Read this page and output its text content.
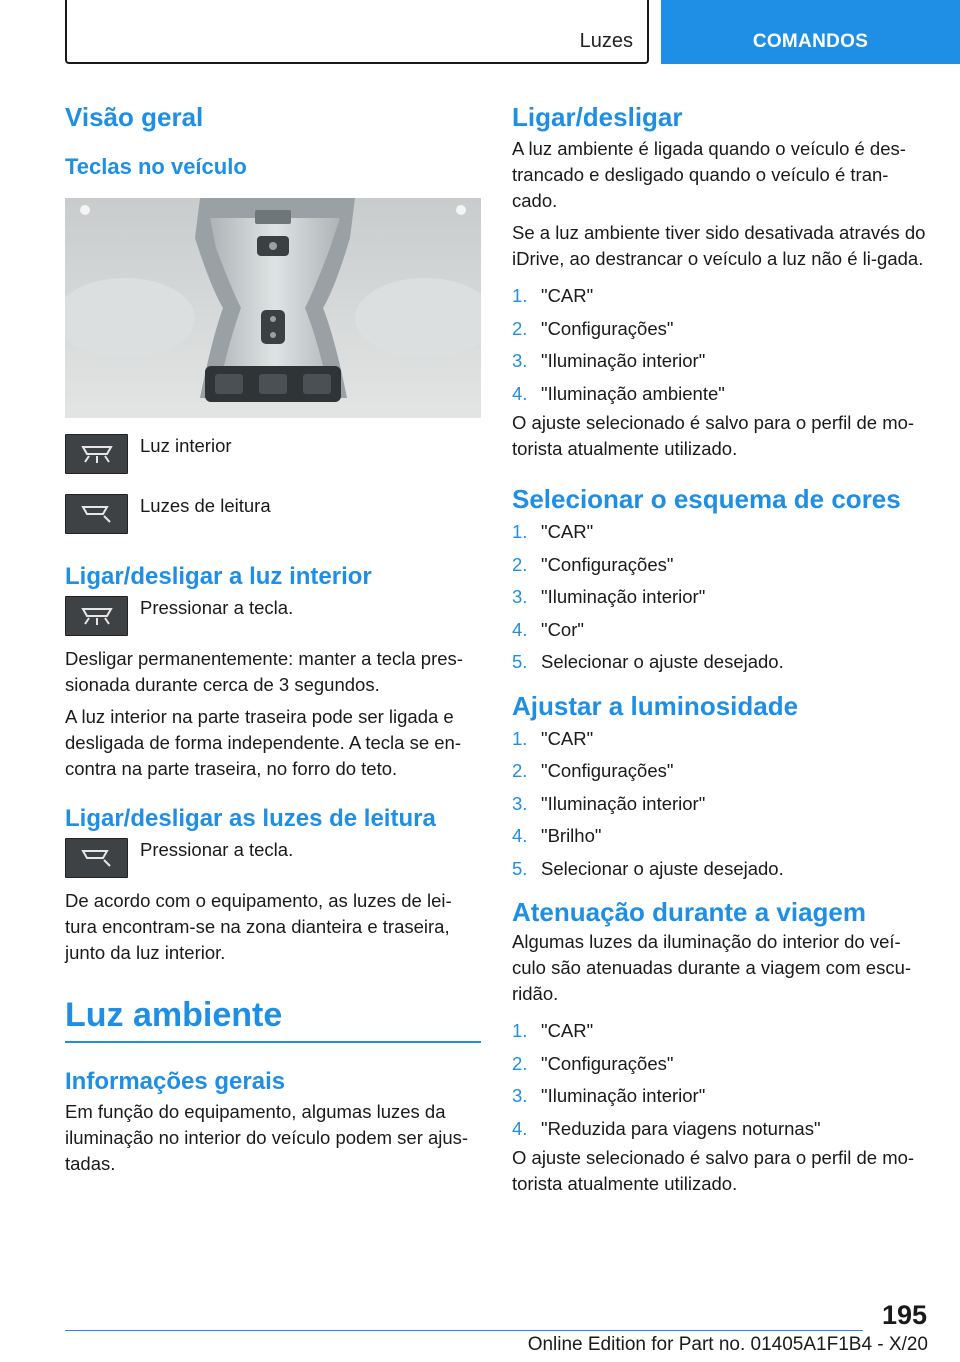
Luzes	COMANDOS
Visão geral
Teclas no veículo
Luz interior
Luzes de leitura
Ligar/desligar a luz interior
Pressionar a tecla.

Desligar permanentemente: manter a tecla pres-sionada durante cerca de 3 segundos.

A luz interior na parte traseira pode ser ligada e desligada de forma independente. A tecla se en-contra na parte traseira, no forro do teto.

Ligar/desligar as luzes de leitura
Pressionar a tecla.

De acordo com o equipamento, as luzes de lei-tura encontram-se na zona dianteira e traseira, junto da luz interior.

Luz ambiente
Informações gerais

Em função do equipamento, algumas luzes da iluminação no interior do veículo podem ser ajus-tadas.

Ligar/desligar

A luz ambiente é ligada quando o veículo é des-trancado e desligado quando o veículo é tran-cado.

Se a luz ambiente tiver sido desativada através do iDrive, ao destrancar o veículo a luz não é li-gada.

1. "CAR"
2. "Configurações"
3. "Iluminação interior"
4. "Iluminação ambiente"

O ajuste selecionado é salvo para o perfil de mo-torista atualmente utilizado.

Selecionar o esquema de cores
1. "CAR"
2. "Configurações"
3. "Iluminação interior"
4. "Cor"
5. Selecionar o ajuste desejado.
Ajustar a luminosidade
1. "CAR"
2. "Configurações"
3. "Iluminação interior"
4. "Brilho"
5. Selecionar o ajuste desejado.
Atenuação durante a viagem

Algumas luzes da iluminação do interior do veí-culo são atenuadas durante a viagem com escu-ridão.

1. "CAR"
2. "Configurações"
3. "Iluminação interior"
4. "Reduzida para viagens noturnas"

O ajuste selecionado é salvo para o perfil de mo-torista atualmente utilizado.

195
Online Edition for Part no. 01405A1F1B4 - X/20
